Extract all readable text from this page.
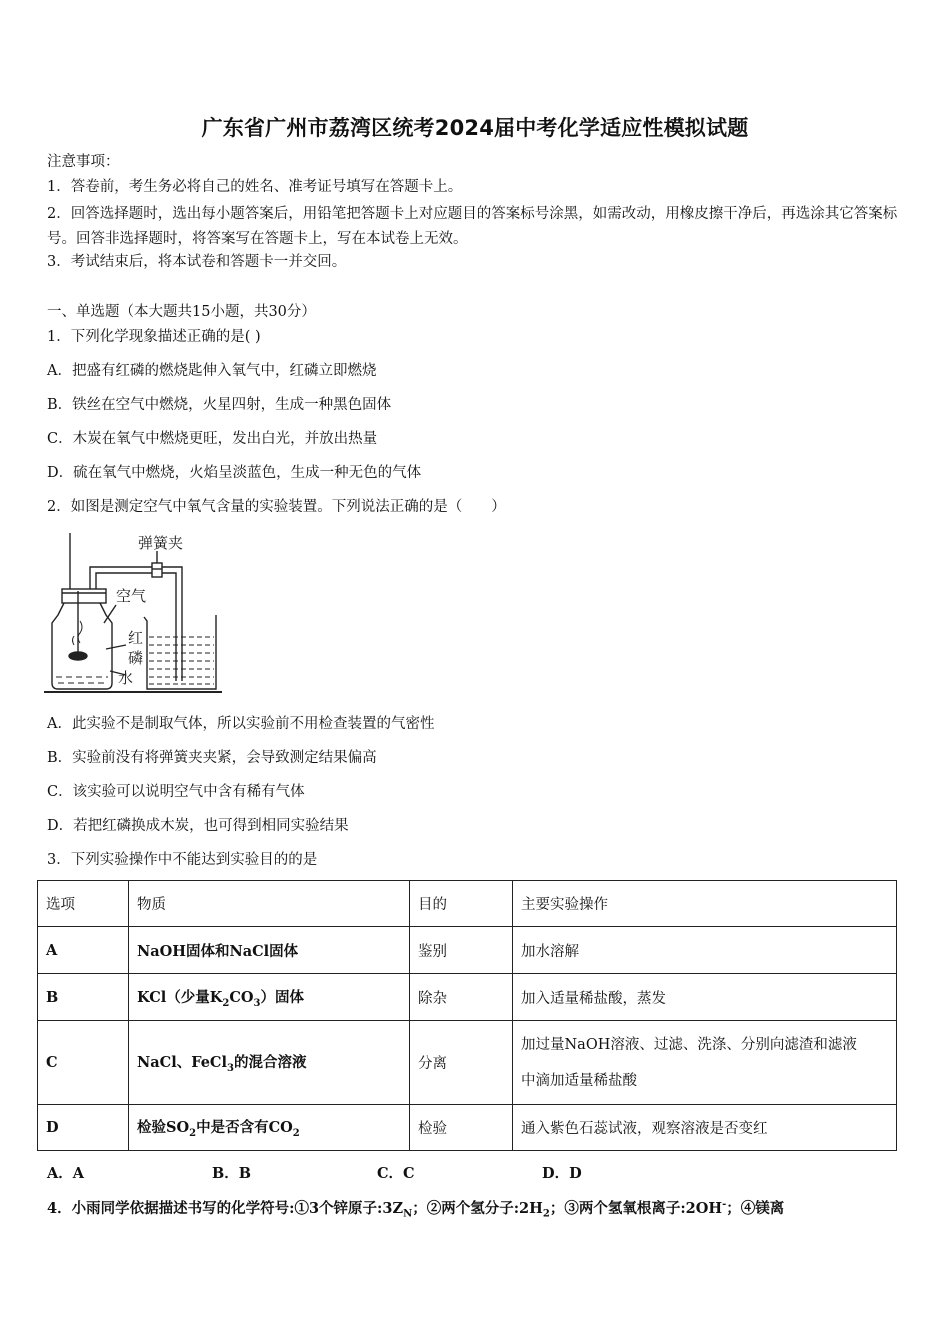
广东省广州市荔湾区统考2024届中考化学适应性模拟试题
注意事项：
1．答卷前，考生务必将自己的姓名、准考证号填写在答题卡上。
2．回答选择题时，选出每小题答案后，用铅笔把答题卡上对应题目的答案标号涂黑，如需改动，用橡皮擦干净后，再选涂其它答案标号。回答非选择题时，将答案写在答题卡上，写在本试卷上无效。
3．考试结束后，将本试卷和答题卡一并交回。
一、单选题（本大题共15小题，共30分）
1．下列化学现象描述正确的是( )
A．把盛有红磷的燃烧匙伸入氧气中，红磷立即燃烧
B．铁丝在空气中燃烧，火星四射，生成一种黑色固体
C．木炭在氧气中燃烧更旺，发出白光，并放出热量
D．硫在氧气中燃烧，火焰呈淡蓝色，生成一种无色的气体
2．如图是测定空气中氧气含量的实验装置。下列说法正确的是（　　）
弹簧夹
空气
红
磷
水
A．此实验不是制取气体，所以实验前不用检查装置的气密性
B．实验前没有将弹簧夹夹紧，会导致测定结果偏高
C．该实验可以说明空气中含有稀有气体
D．若把红磷换成木炭，也可得到相同实验结果
3．下列实验操作中不能达到实验目的的是
选项	物质	目的	主要实验操作
A	NaOH固体和NaCl固体	鉴别	加水溶解
B	KCl（少量$K_2CO_3$）固体	除杂	加入适量稀盐酸，蒸发
C	NaCl、FeCl$_3$的混合溶液	分离	加过量NaOH溶液、过滤、洗涤、分别向滤渣和滤液
中滴加适量稀盐酸

D	检验$SO_2$中是否含有$CO_2$	检验	通入紫色石蕊试液，观察溶液是否变红
A．A	B．B	C．C	D．D
4．小雨同学依据描述书写的化学符号:①3个锌原子$:3Z_N$；②两个氢分子$:2H_2$；③两个氢氧根离子:2OH-；④镁离
